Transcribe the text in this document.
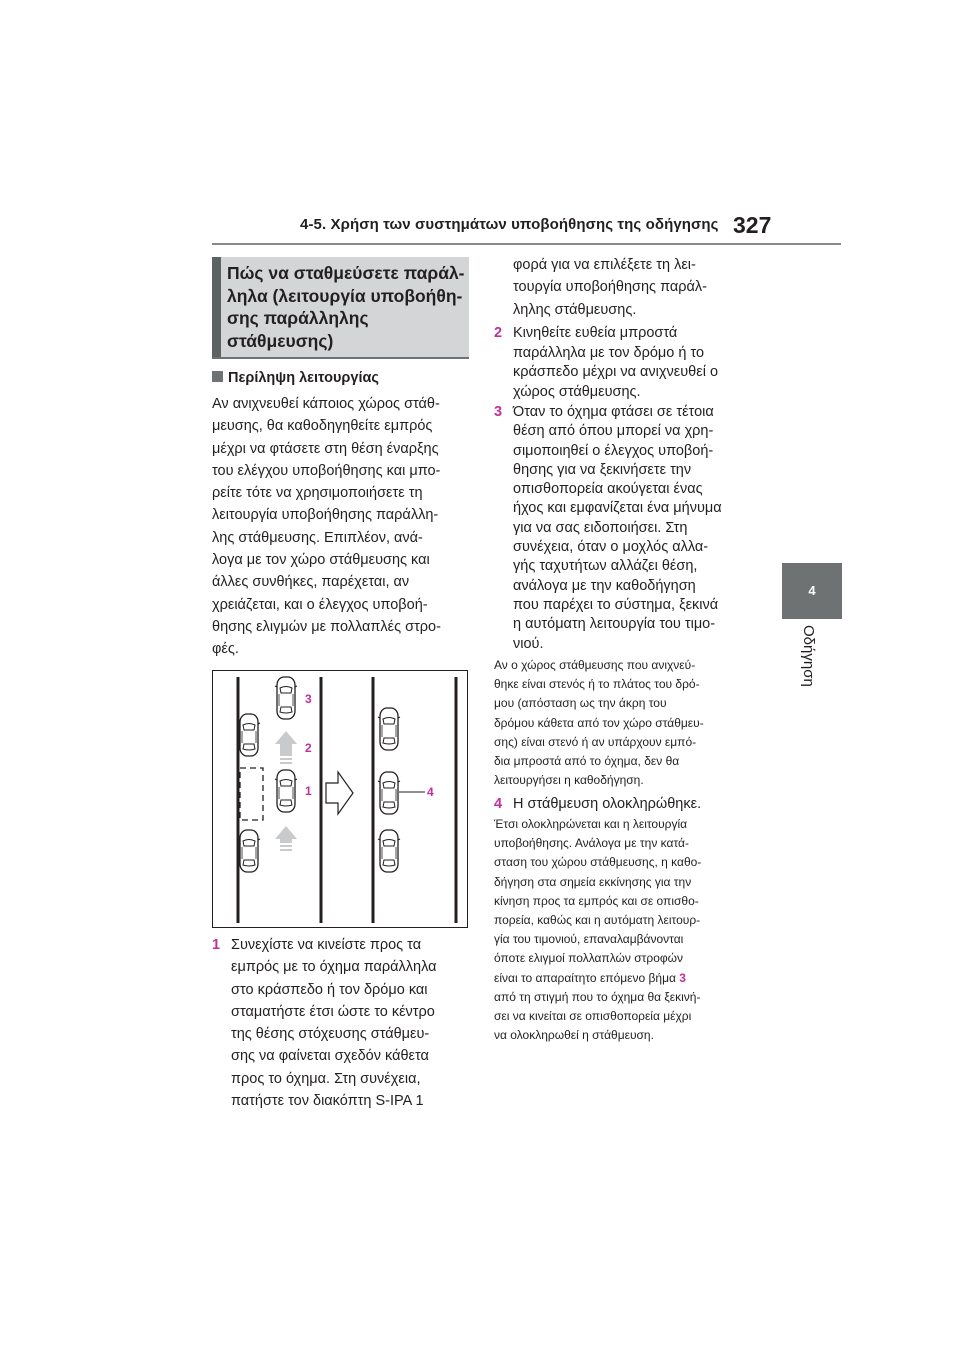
4-5. Χρήση των συστημάτων υποβοήθησης της οδήγησης 327
4
Οδήγηση
Πώς να σταθμεύσετε παράλ-
ληλα (λειτουργία υποβοήθη-
σης παράλληλης
στάθμευσης)
Περίληψη λειτουργίας
Αν ανιχνευθεί κάποιος χώρος στάθ-
μευσης, θα καθοδηγηθείτε εμπρός
μέχρι να φτάσετε στη θέση έναρξης
του ελέγχου υποβοήθησης και μπο-
ρείτε τότε να χρησιμοποιήσετε τη
λειτουργία υποβοήθησης παράλλη-
λης στάθμευσης. Επιπλέον, ανά-
λογα με τον χώρο στάθμευσης και
άλλες συνθήκες, παρέχεται, αν
χρειάζεται, και ο έλεγχος υποβοή-
θησης ελιγμών με πολλαπλές στρο-
φές.
3
2
1	4
1 Συνεχίστε να κινείστε προς τα
εμπρός με το όχημα παράλληλα
στο κράσπεδο ή τον δρόμο και
σταματήστε έτσι ώστε το κέντρο
της θέσης στόχευσης στάθμευ-
σης να φαίνεται σχεδόν κάθετα
προς το όχημα. Στη συνέχεια,
πατήστε τον διακόπτη S-IPA 1
φορά για να επιλέξετε τη λει-
τουργία υποβοήθησης παράλ-
ληλης στάθμευσης.
2 Κινηθείτε ευθεία μπροστά
παράλληλα με τον δρόμο ή το
κράσπεδο μέχρι να ανιχνευθεί ο
χώρος στάθμευσης.
3 Όταν το όχημα φτάσει σε τέτοια
θέση από όπου μπορεί να χρη-
σιμοποιηθεί ο έλεγχος υποβοή-
θησης για να ξεκινήσετε την
οπισθοπορεία ακούγεται ένας
ήχος και εμφανίζεται ένα μήνυμα
για να σας ειδοποιήσει. Στη
συνέχεια, όταν ο μοχλός αλλα-
γής ταχυτήτων αλλάζει θέση,
ανάλογα με την καθοδήγηση
που παρέχει το σύστημα, ξεκινά
η αυτόματη λειτουργία του τιμο-
νιού.
Αν ο χώρος στάθμευσης που ανιχνεύ-
θηκε είναι στενός ή το πλάτος του δρό-
μου (απόσταση ως την άκρη του
δρόμου κάθετα από τον χώρο στάθμευ-
σης) είναι στενό ή αν υπάρχουν εμπό-
δια μπροστά από το όχημα, δεν θα
λειτουργήσει η καθοδήγηση.
4 Η στάθμευση ολοκληρώθηκε.
Έτσι ολοκληρώνεται και η λειτουργία
υποβοήθησης. Ανάλογα με την κατά-
σταση του χώρου στάθμευσης, η καθο-
δήγηση στα σημεία εκκίνησης για την
κίνηση προς τα εμπρός και σε οπισθο-
πορεία, καθώς και η αυτόματη λειτουρ-
γία του τιμονιού, επαναλαμβάνονται
όποτε ελιγμοί πολλαπλών στροφών
είναι το απαραίτητο επόμενο βήμα 3
από τη στιγμή που το όχημα θα ξεκινή-
σει να κινείται σε οπισθοπορεία μέχρι
να ολοκληρωθεί η στάθμευση.
